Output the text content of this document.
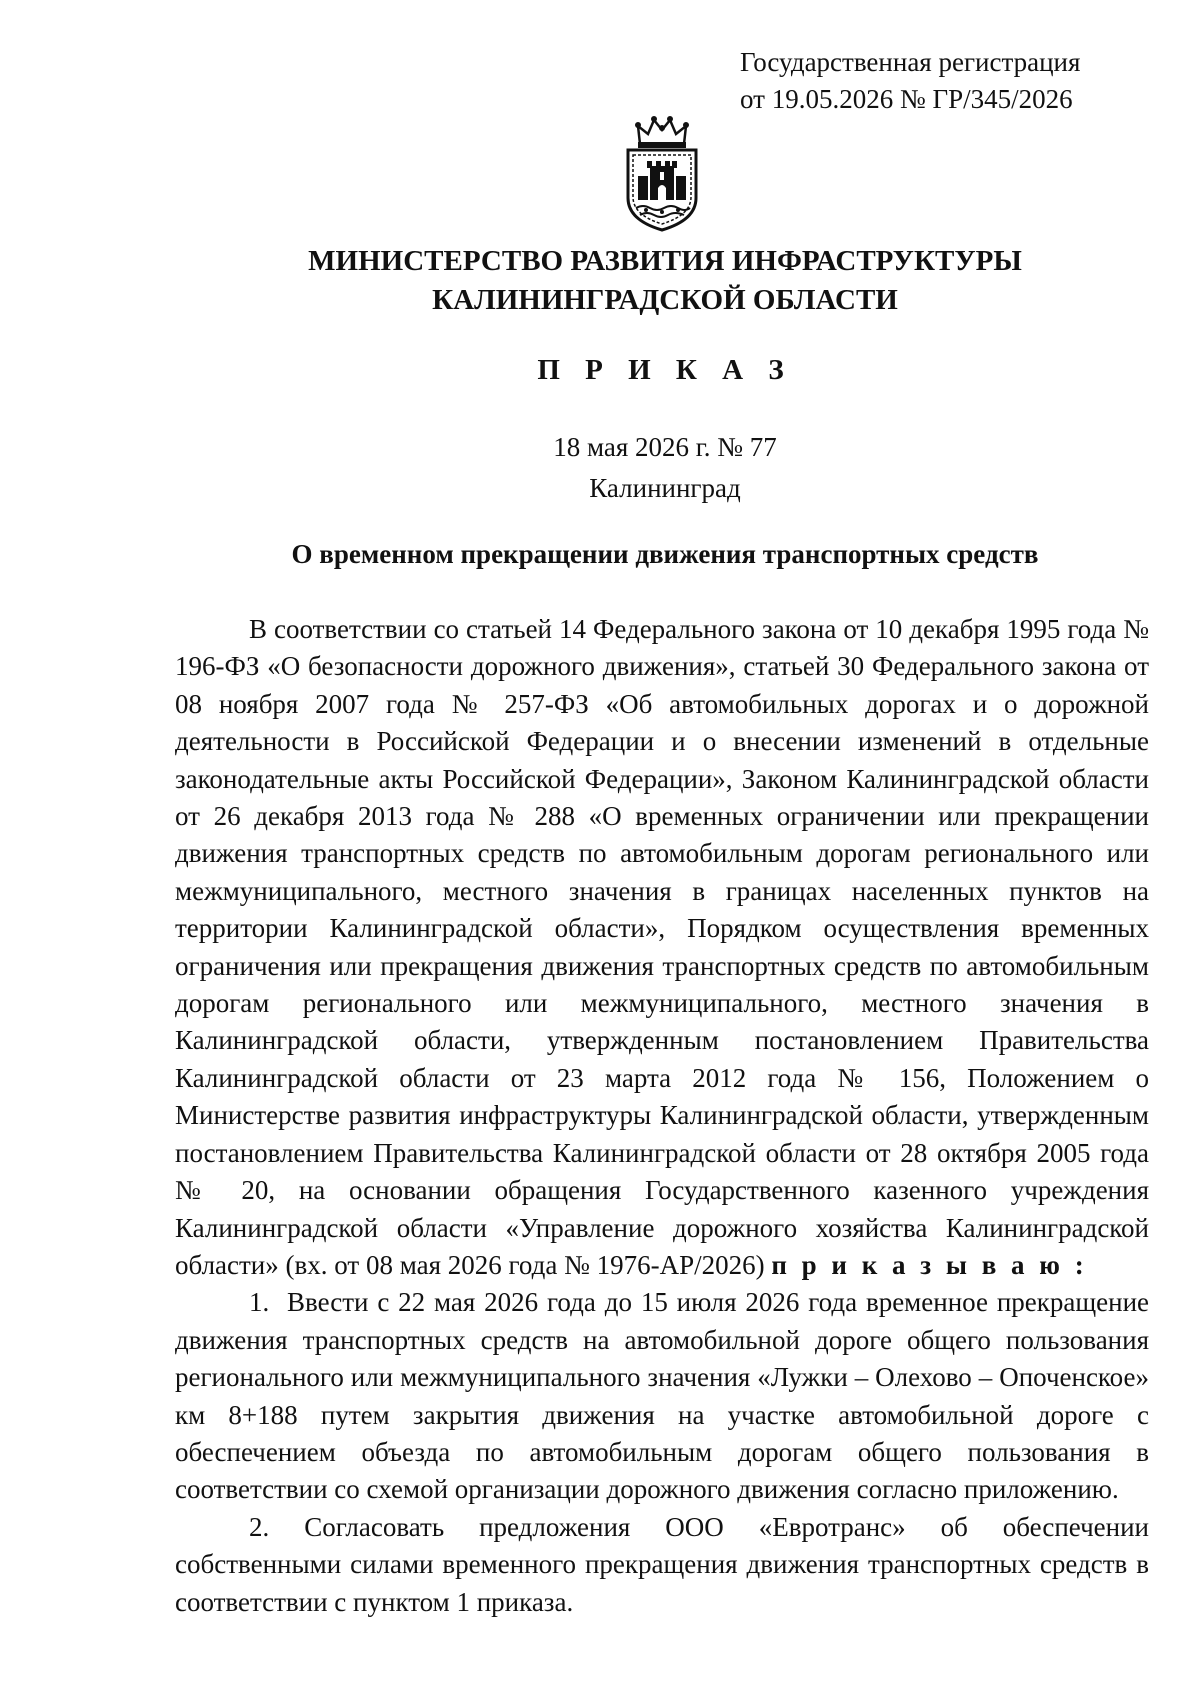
Государственная регистрация
от 19.05.2026 № ГР/345/2026
МИНИСТЕРСТВО РАЗВИТИЯ ИНФРАСТРУКТУРЫ
КАЛИНИНГРАДСКОЙ ОБЛАСТИ
П Р И К А З
18 мая 2026 г. № 77
Калининград
О временном прекращении движения транспортных средств

В соответствии со статьей 14 Федерального закона от 10 декабря 1995 года № 196-ФЗ «О безопасности дорожного движения», статьей 30 Федерального закона от 08 ноября 2007 года № 257-ФЗ «Об автомобильных дорогах и о дорожной деятельности в Российской Федерации и о внесении изменений в отдельные законодательные акты Российской Федерации», Законом Калининградской области от 26 декабря 2013 года № 288 «О временных ограничении или прекращении движения транспортных средств по автомобильным дорогам регионального или межмуниципального, местного значения в границах населенных пунктов на территории Калининградской области», Порядком осуществления временных ограничения или прекращения движения транспортных средств по автомобильным дорогам регионального или межмуниципального, местного значения в Калининградской области, утвержденным постановлением Правительства Калининградской области от 23 марта 2012 года № 156, Положением о Министерстве развития инфраструктуры Калининградской области, утвержденным постановлением Правительства Калининградской области от 28 октября 2005 года № 20, на основании обращения Государственного казенного учреждения Калининградской области «Управление дорожного хозяйства Калининградской области» (вх. от 08 мая 2026 года № 1976-АР/2026) п р и к а з ы в а ю :

1. Ввести с 22 мая 2026 года до 15 июля 2026 года временное прекращение движения транспортных средств на автомобильной дороге общего пользования регионального или межмуниципального значения «Лужки – Олехово – Опоченское» км 8+188 путем закрытия движения на участке автомобильной дороге с обеспечением объезда по автомобильным дорогам общего пользования в соответствии со схемой организации дорожного движения согласно приложению.

2. Согласовать предложения ООО «Евротранс» об обеспечении собственными силами временного прекращения движения транспортных средств в соответствии с пунктом 1 приказа.
